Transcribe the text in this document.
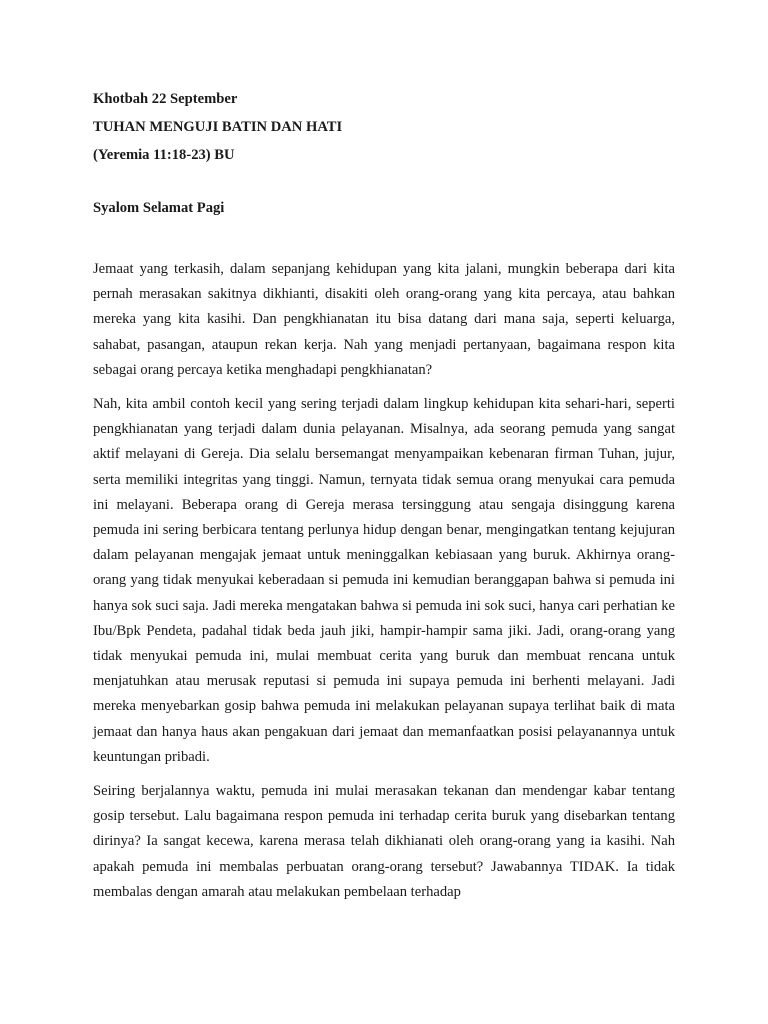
Khotbah 22 September

TUHAN MENGUJI BATIN DAN HATI

(Yeremia 11:18-23) BU

Syalom Selamat Pagi

Jemaat yang terkasih, dalam sepanjang kehidupan yang kita jalani, mungkin beberapa dari kita pernah merasakan sakitnya dikhianti, disakiti oleh orang-orang yang kita percaya, atau bahkan mereka yang kita kasihi. Dan pengkhianatan itu bisa datang dari mana saja, seperti keluarga, sahabat, pasangan, ataupun rekan kerja. Nah yang menjadi pertanyaan, bagaimana respon kita sebagai orang percaya ketika menghadapi pengkhianatan?

Nah, kita ambil contoh kecil yang sering terjadi dalam lingkup kehidupan kita sehari-hari, seperti pengkhianatan yang terjadi dalam dunia pelayanan. Misalnya, ada seorang pemuda yang sangat aktif melayani di Gereja. Dia selalu bersemangat menyampaikan kebenaran firman Tuhan, jujur, serta memiliki integritas yang tinggi. Namun, ternyata tidak semua orang menyukai cara pemuda ini melayani. Beberapa orang di Gereja merasa tersinggung atau sengaja disinggung karena pemuda ini sering berbicara tentang perlunya hidup dengan benar, mengingatkan tentang kejujuran dalam pelayanan mengajak jemaat untuk meninggalkan kebiasaan yang buruk. Akhirnya orang- orang yang tidak menyukai keberadaan si pemuda ini kemudian beranggapan bahwa si pemuda ini hanya sok suci saja. Jadi mereka mengatakan bahwa si pemuda ini sok suci, hanya cari perhatian ke Ibu/Bpk Pendeta, padahal tidak beda jauh jiki, hampir-hampir sama jiki. Jadi, orang-orang yang tidak menyukai pemuda ini, mulai membuat cerita yang buruk dan membuat rencana untuk menjatuhkan atau merusak reputasi si pemuda ini supaya pemuda ini berhenti melayani. Jadi mereka menyebarkan gosip bahwa pemuda ini melakukan pelayanan supaya terlihat baik di mata jemaat dan hanya haus akan pengakuan dari jemaat dan memanfaatkan posisi pelayanannya untuk keuntungan pribadi.

Seiring berjalannya waktu, pemuda ini mulai merasakan tekanan dan mendengar kabar tentang gosip tersebut. Lalu bagaimana respon pemuda ini terhadap cerita buruk yang disebarkan tentang dirinya? Ia sangat kecewa, karena merasa telah dikhianati oleh orang-orang yang ia kasihi. Nah apakah pemuda ini membalas perbuatan orang-orang tersebut? Jawabannya TIDAK. Ia tidak membalas dengan amarah atau melakukan pembelaan terhadap
